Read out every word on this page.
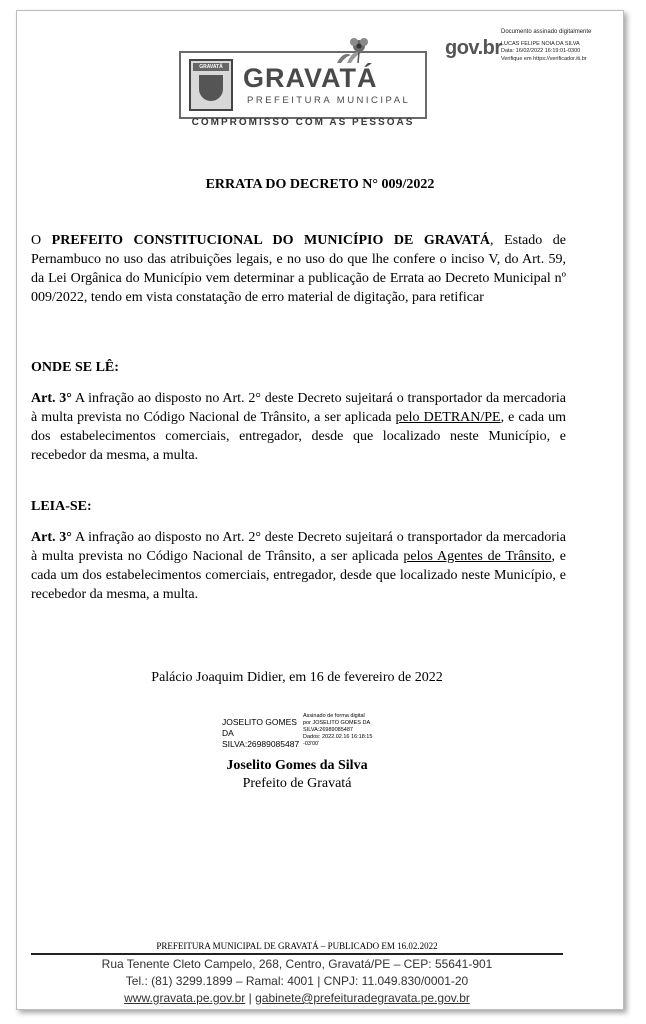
GRAVATÁ GRAVATÁ
PREFEITURA MUNICIPAL
COMPROMISSO COM AS PESSOAS
gov.br
Documento assinado digitalmente
LUCAS FELIPE NOIA DA SILVA
Data: 16/02/2022 16:19:01-0300
Verifique em https://verificador.iti.br
ERRATA DO DECRETO N° 009/2022
O PREFEITO CONSTITUCIONAL DO MUNICÍPIO DE GRAVATÁ, Estado de Pernambuco no uso das atribuições legais, e no uso do que lhe confere o inciso V, do Art. 59, da Lei Orgânica do Município vem determinar a publicação de Errata ao Decreto Municipal nº 009/2022, tendo em vista constatação de erro material de digitação, para retificar
ONDE SE LÊ:
Art. 3° A infração ao disposto no Art. 2° deste Decreto sujeitará o transportador da mercadoria à multa prevista no Código Nacional de Trânsito, a ser aplicada pelo DETRAN/PE, e cada um dos estabelecimentos comerciais, entregador, desde que localizado neste Município, e recebedor da mesma, a multa.
LEIA-SE:
Art. 3° A infração ao disposto no Art. 2° deste Decreto sujeitará o transportador da mercadoria à multa prevista no Código Nacional de Trânsito, a ser aplicada pelos Agentes de Trânsito, e cada um dos estabelecimentos comerciais, entregador, desde que localizado neste Município, e recebedor da mesma, a multa.
Palácio Joaquim Didier, em 16 de fevereiro de 2022
JOSELITO GOMES
DA
SILVA:26989085487
Assinado de forma digital
por JOSELITO GOMES DA
SILVA:26989085487
Dados: 2022.02.16 16:18:15
-03'00'
Joselito Gomes da Silva
Prefeito de Gravatá
PREFEITURA MUNICIPAL DE GRAVATÁ – PUBLICADO EM 16.02.2022
Rua Tenente Cleto Campelo, 268, Centro, Gravatá/PE – CEP: 55641-901
Tel.: (81) 3299.1899 – Ramal: 4001 | CNPJ: 11.049.830/0001-20
www.gravata.pe.gov.br | gabinete@prefeituradegravata.pe.gov.br
